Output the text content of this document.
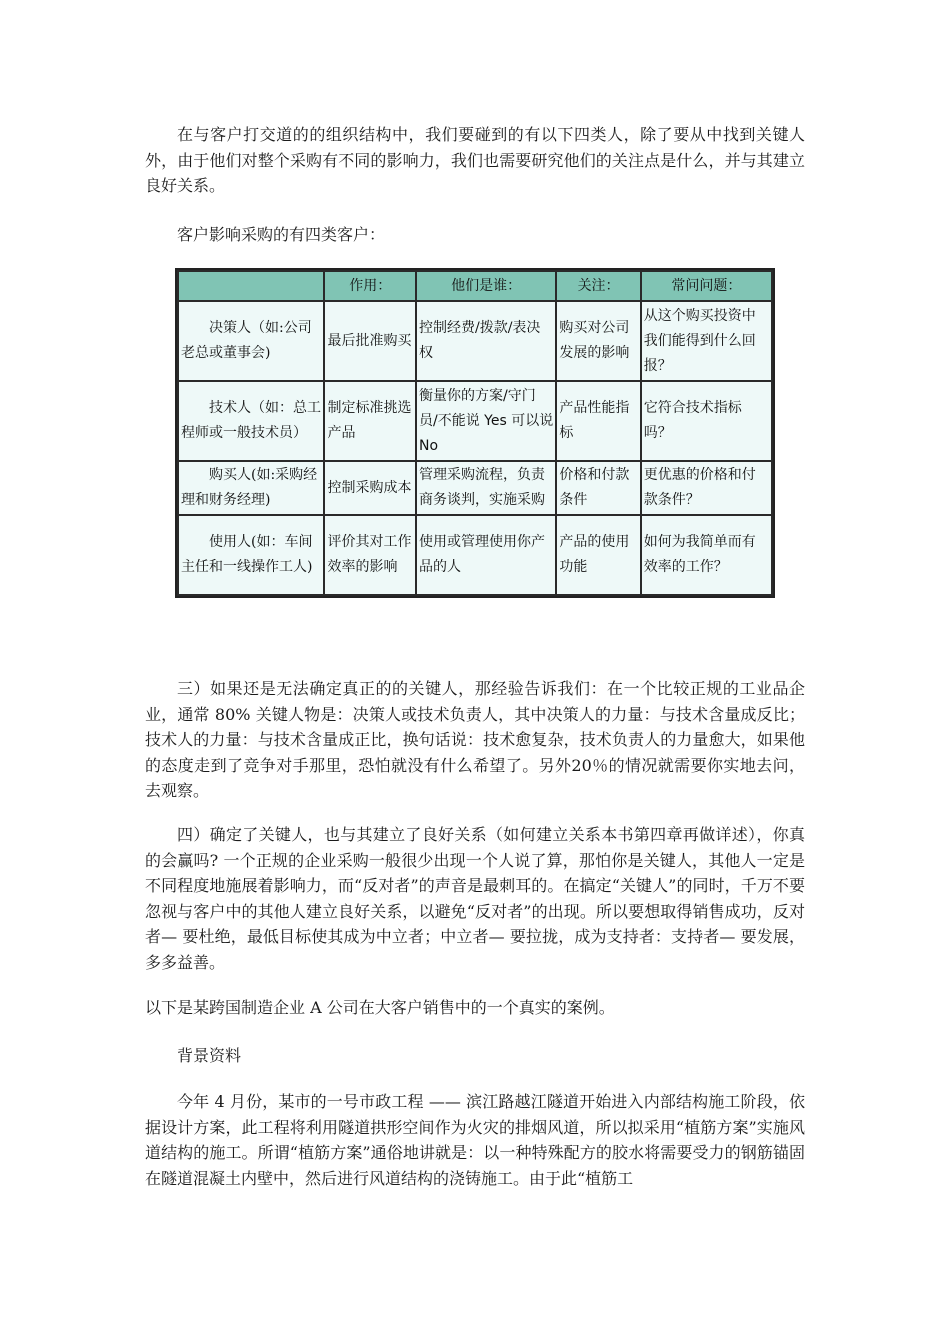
在与客户打交道的的组织结构中，我们要碰到的有以下四类人，除了要从中找到关键人外，由于他们对整个采购有不同的影响力，我们也需要研究他们的关注点是什么，并与其建立良好关系。

客户影响采购的有四类客户：

	作用：	他们是谁：	关注：	常问问题：
决策人（如:公司老总或董事会)	最后批准购买	控制经费/拨款/表决权	购买对公司发展的影响	从这个购买投资中我们能得到什么回报？
技术人（如：总工程师或一般技术员）	制定标准挑选产品	衡量你的方案/守门员/不能说 Yes 可以说 No	产品性能指标	它符合技术指标吗？
购买人(如:采购经理和财务经理)	控制采购成本	管理采购流程，负责商务谈判，实施采购	价格和付款条件	更优惠的价格和付款条件？
使用人(如：车间主任和一线操作工人)	评价其对工作效率的影响	使用或管理使用你产品的人	产品的使用功能	如何为我简单而有效率的工作？

三）如果还是无法确定真正的的关键人，那经验告诉我们：在一个比较正规的工业品企业，通常 80% 关键人物是：决策人或技术负责人，其中决策人的力量：与技术含量成反比；技术人的力量：与技术含量成正比，换句话说：技术愈复杂，技术负责人的力量愈大，如果他的态度走到了竞争对手那里，恐怕就没有什么希望了。另外20％的情况就需要你实地去问，去观察。

四）确定了关键人，也与其建立了良好关系（如何建立关系本书第四章再做详述），你真的会赢吗? 一个正规的企业采购一般很少出现一个人说了算，那怕你是关键人，其他人一定是不同程度地施展着影响力，而“反对者”的声音是最刺耳的。在搞定“关键人”的同时，千万不要忽视与客户中的其他人建立良好关系，以避免“反对者”的出现。所以要想取得销售成功，反对者— 要杜绝，最低目标使其成为中立者；中立者— 要拉拢，成为支持者：支持者— 要发展，多多益善。

以下是某跨国制造企业 A 公司在大客户销售中的一个真实的案例。

背景资料

今年 4 月份，某市的一号市政工程 —— 滨江路越江隧道开始进入内部结构施工阶段，依据设计方案，此工程将利用隧道拱形空间作为火灾的排烟风道，所以拟采用“植筋方案”实施风道结构的施工。所谓“植筋方案”通俗地讲就是：以一种特殊配方的胶水将需要受力的钢筋锚固在隧道混凝土内壁中，然后进行风道结构的浇铸施工。由于此“植筋工
